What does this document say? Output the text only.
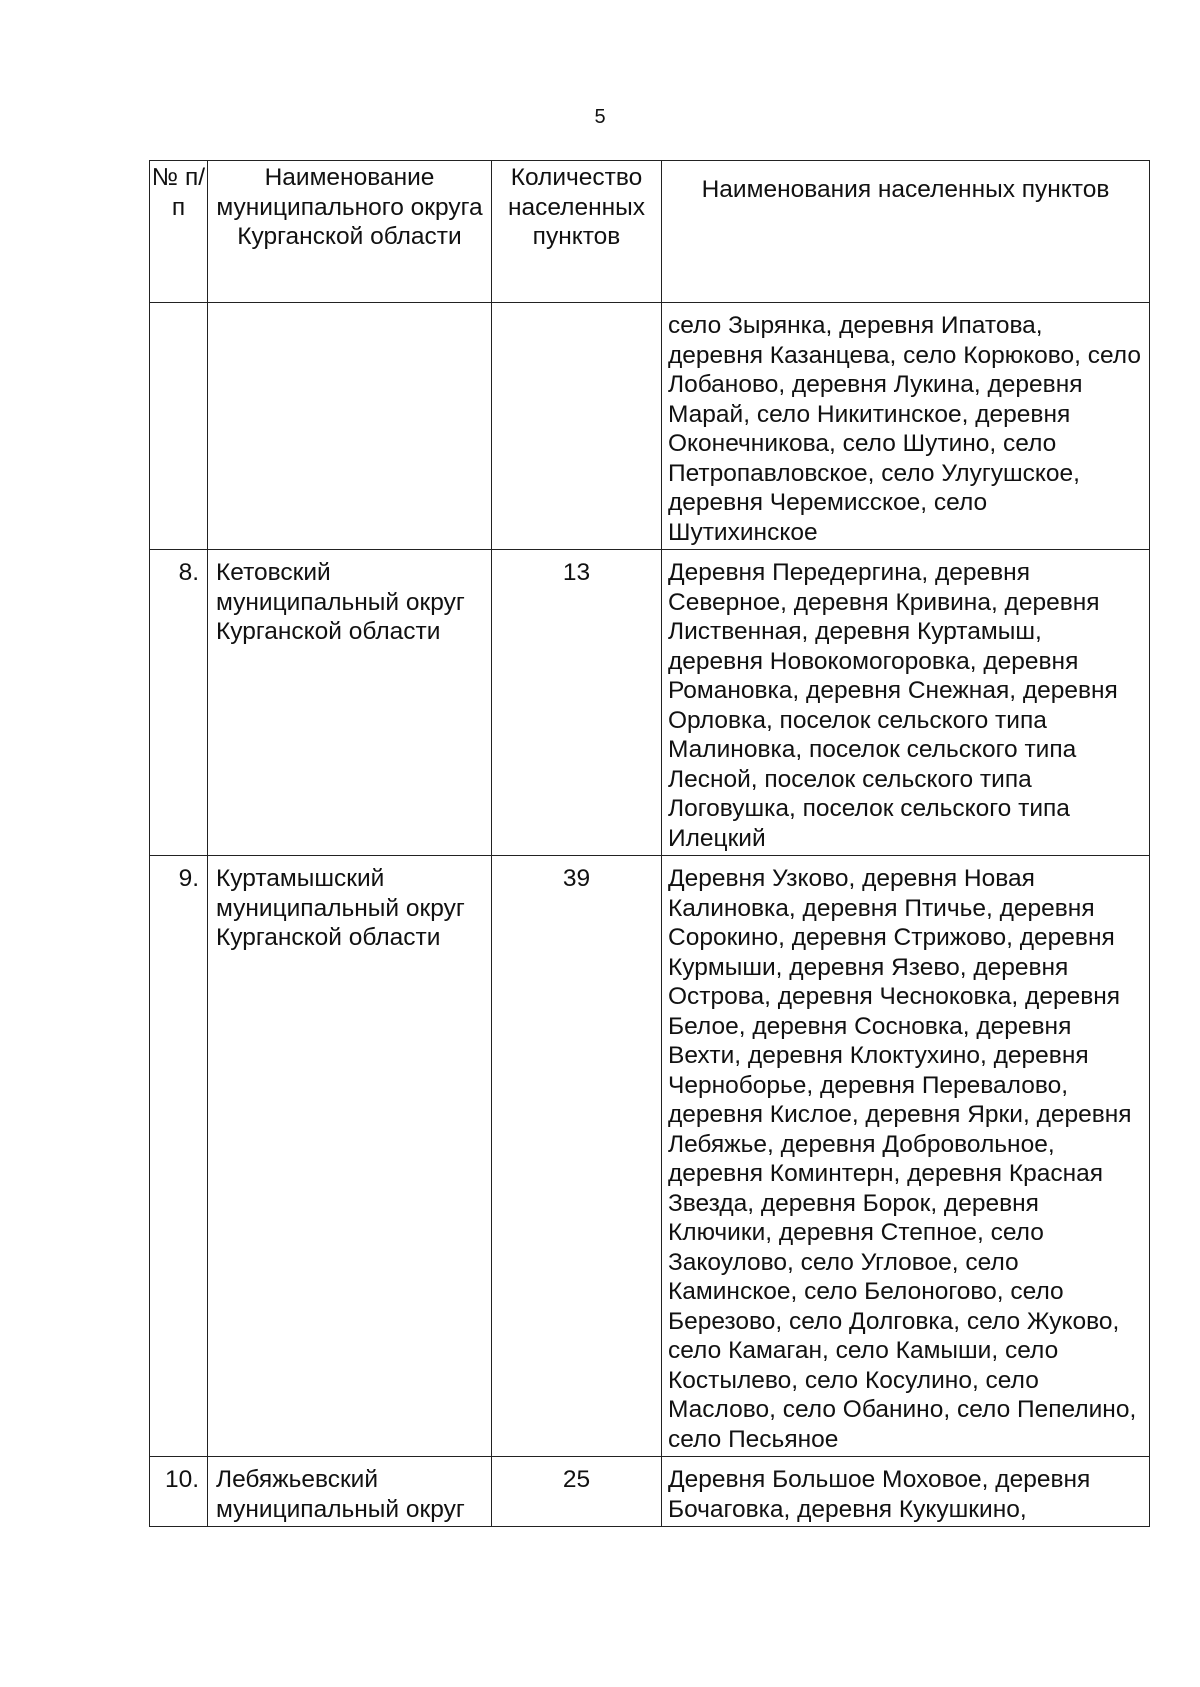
5
№ п/п	Наименование муниципального округа Курганской области	Количество населенных пунктов	Наименования населенных пунктов
			село Зырянка, деревня Ипатова, деревня Казанцева, село Корюково, село Лобаново, деревня Лукина, деревня Марай, село Никитинское, деревня Оконечникова, село Шутино, село Петропавловское, село Улугушское, деревня Черемисское, село Шутихинское
8.	Кетовский муниципальный округ Курганской области	13	Деревня Передергина, деревня Северное, деревня Кривина, деревня Лиственная, деревня Куртамыш, деревня Новокомогоровка, деревня Романовка, деревня Снежная, деревня Орловка, поселок сельского типа Малиновка, поселок сельского типа Лесной, поселок сельского типа Логовушка, поселок сельского типа Илецкий
9.	Куртамышский муниципальный округ Курганской области	39	Деревня Узково, деревня Новая Калиновка, деревня Птичье, деревня Сорокино, деревня Стрижово, деревня Курмыши, деревня Язево, деревня Острова, деревня Чесноковка, деревня Белое, деревня Сосновка, деревня Вехти, деревня Клоктухино, деревня Черноборье, деревня Перевалово, деревня Кислое, деревня Ярки, деревня Лебяжье, деревня Добровольное, деревня Коминтерн, деревня Красная Звезда, деревня Борок, деревня Ключики, деревня Степное, село Закоулово, село Угловое, село Каминское, село Белоногово, село Березово, село Долговка, село Жуково, село Камаган, село Камыши, село Костылево, село Косулино, село Маслово, село Обанино, село Пепелино, село Песьяное
10.	Лебяжьевский муниципальный округ	25	Деревня Большое Моховое, деревня Бочаговка, деревня Кукушкино,
